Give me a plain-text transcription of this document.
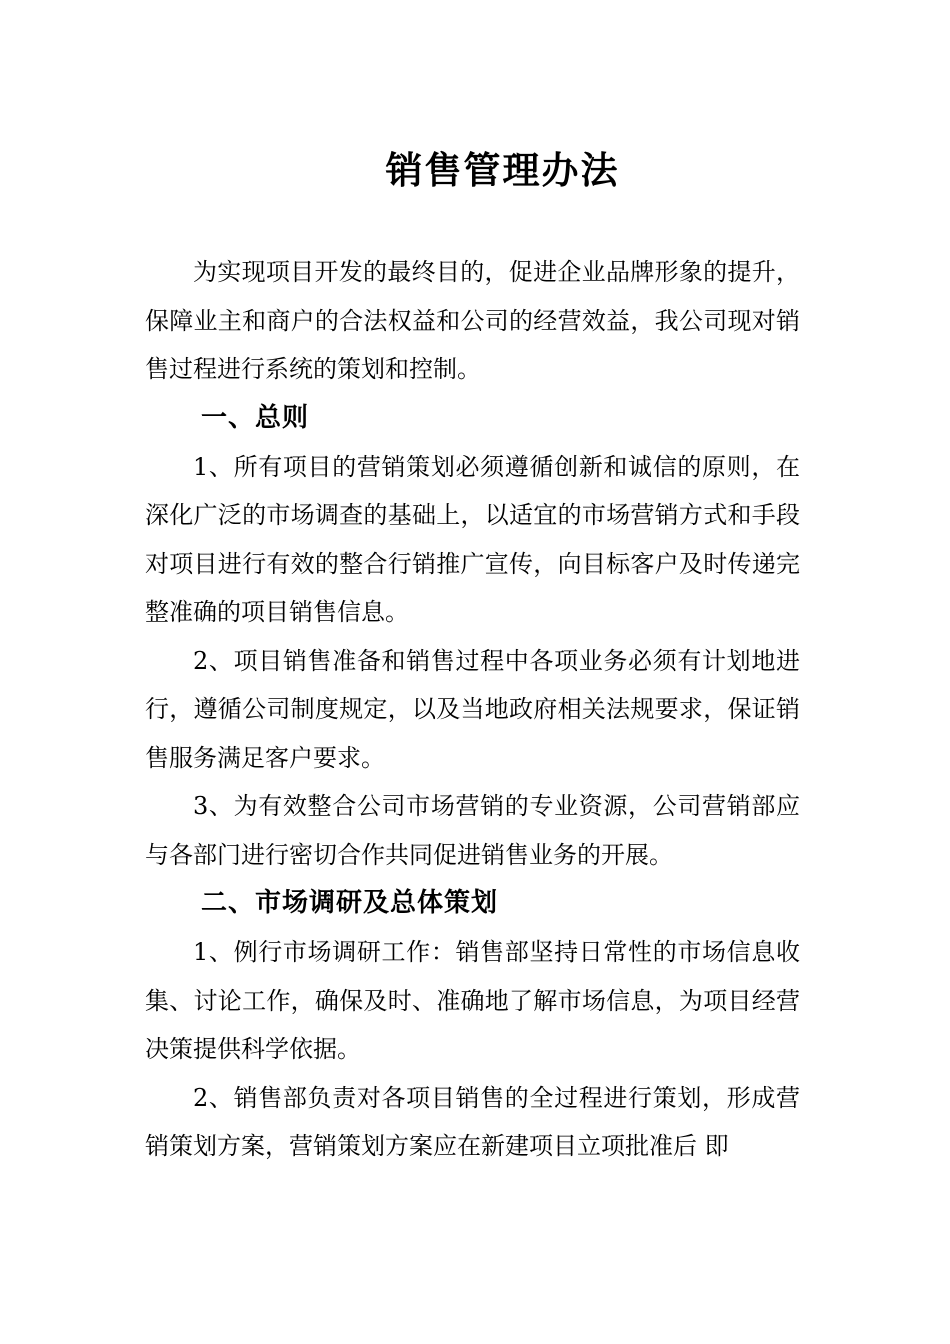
销售管理办法

为实现项目开发的最终目的，促进企业品牌形象的提升，保障业主和商户的合法权益和公司的经营效益，我公司现对销售过程进行系统的策划和控制。

一、总则

1、所有项目的营销策划必须遵循创新和诚信的原则，在深化广泛的市场调查的基础上，以适宜的市场营销方式和手段对项目进行有效的整合行销推广宣传，向目标客户及时传递完整准确的项目销售信息。

2、项目销售准备和销售过程中各项业务必须有计划地进行，遵循公司制度规定，以及当地政府相关法规要求，保证销售服务满足客户要求。

3、为有效整合公司市场营销的专业资源，公司营销部应与各部门进行密切合作共同促进销售业务的开展。

二、市场调研及总体策划

1、例行市场调研工作：销售部坚持日常性的市场信息收集、讨论工作，确保及时、准确地了解市场信息，为项目经营决策提供科学依据。

2、销售部负责对各项目销售的全过程进行策划，形成营销策划方案，营销策划方案应在新建项目立项批准后 即
